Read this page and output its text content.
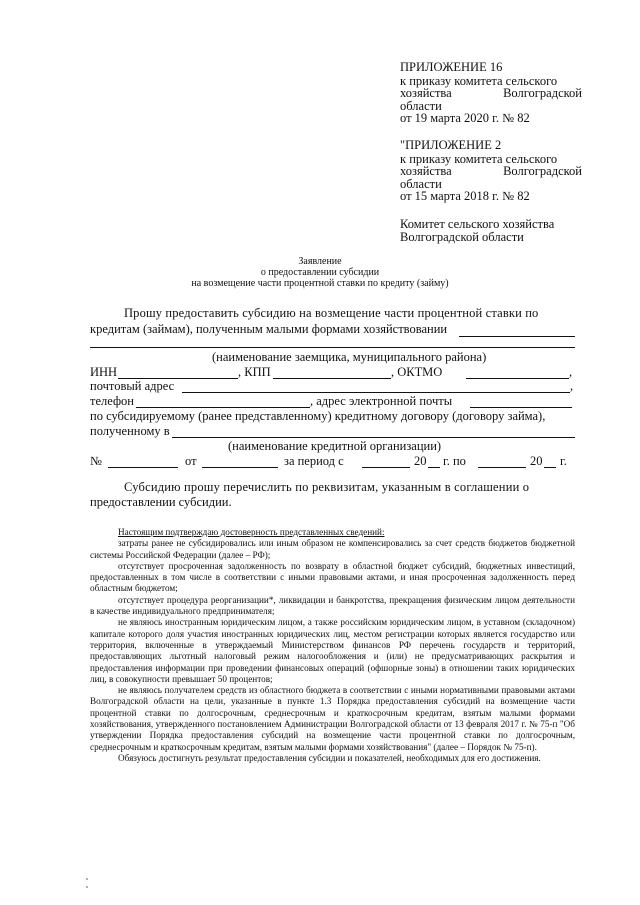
ПРИЛОЖЕНИЕ 16
к приказу комитета сельского
хозяйства	Волгоградской
области
от 19 марта 2020 г. № 82
"ПРИЛОЖЕНИЕ 2
к приказу комитета сельского
хозяйства	Волгоградской
области
от 15 марта 2018 г. № 82
Комитет сельского хозяйства
Волгоградской области
Заявление
о предоставлении субсидии
на возмещение части процентной ставки по кредиту (займу)
Прошу предоставить субсидию на возмещение части процентной ставки по
кредитам (займам), полученным малыми формами хозяйствовании
(наименование заемщика, муниципального района)
ИНН	, КПП	, ОКТМО	,
почтовый адрес	,
телефон	, адрес электронной почты
по субсидируемому (ранее представленному) кредитному договору (договору займа),
полученному в
(наименование кредитной организации)
№	от	за период с	20 г. по	20 г.
Субсидию прошу перечислить по реквизитам, указанным в соглашении о
предоставлении субсидии.

Настоящим подтверждаю достоверность представленных сведений:

затраты ранее не субсидировались или иным образом не компенсировались за счет средств бюджетов бюджетной системы Российской Федерации (далее – РФ);

отсутствует просроченная задолженность по возврату в областной бюджет субсидий, бюджетных инвестиций, предоставленных в том числе в соответствии с иными правовыми актами, и иная просроченная задолженность перед областным бюджетом;

отсутствует процедура реорганизации*, ликвидации и банкротства, прекращения физическим лицом деятельности в качестве индивидуального предпринимателя;

не являюсь иностранным юридическим лицом, а также российским юридическим лицом, в уставном (складочном) капитале которого доля участия иностранных юридических лиц, местом регистрации которых является государство или территория, включенные в утверждаемый Министерством финансов РФ перечень государств и территорий, предоставляющих льготный налоговый режим налогообложения и (или) не предусматривающих раскрытия и предоставления информации при проведении финансовых операций (офшорные зоны) в отношении таких юридических лиц, в совокупности превышает 50 процентов;

не являюсь получателем средств из областного бюджета в соответствии с иными нормативными правовыми актами Волгоградской области на цели, указанные в пункте 1.3 Порядка предоставления субсидий на возмещение части процентной ставки по долгосрочным, среднесрочным и краткосрочным кредитам, взятым малыми формами хозяйствования, утвержденного постановлением Администрации Волгоградской области от 13 февраля 2017 г. № 75-п "Об утверждении Порядка предоставления субсидий на возмещение части процентной ставки по долгосрочным, среднесрочным и краткосрочным кредитам, взятым малыми формами хозяйствования" (далее – Порядок № 75-п).

Обязуюсь достигнуть результат предоставления субсидии и показателей, необходимых для его достижения.
